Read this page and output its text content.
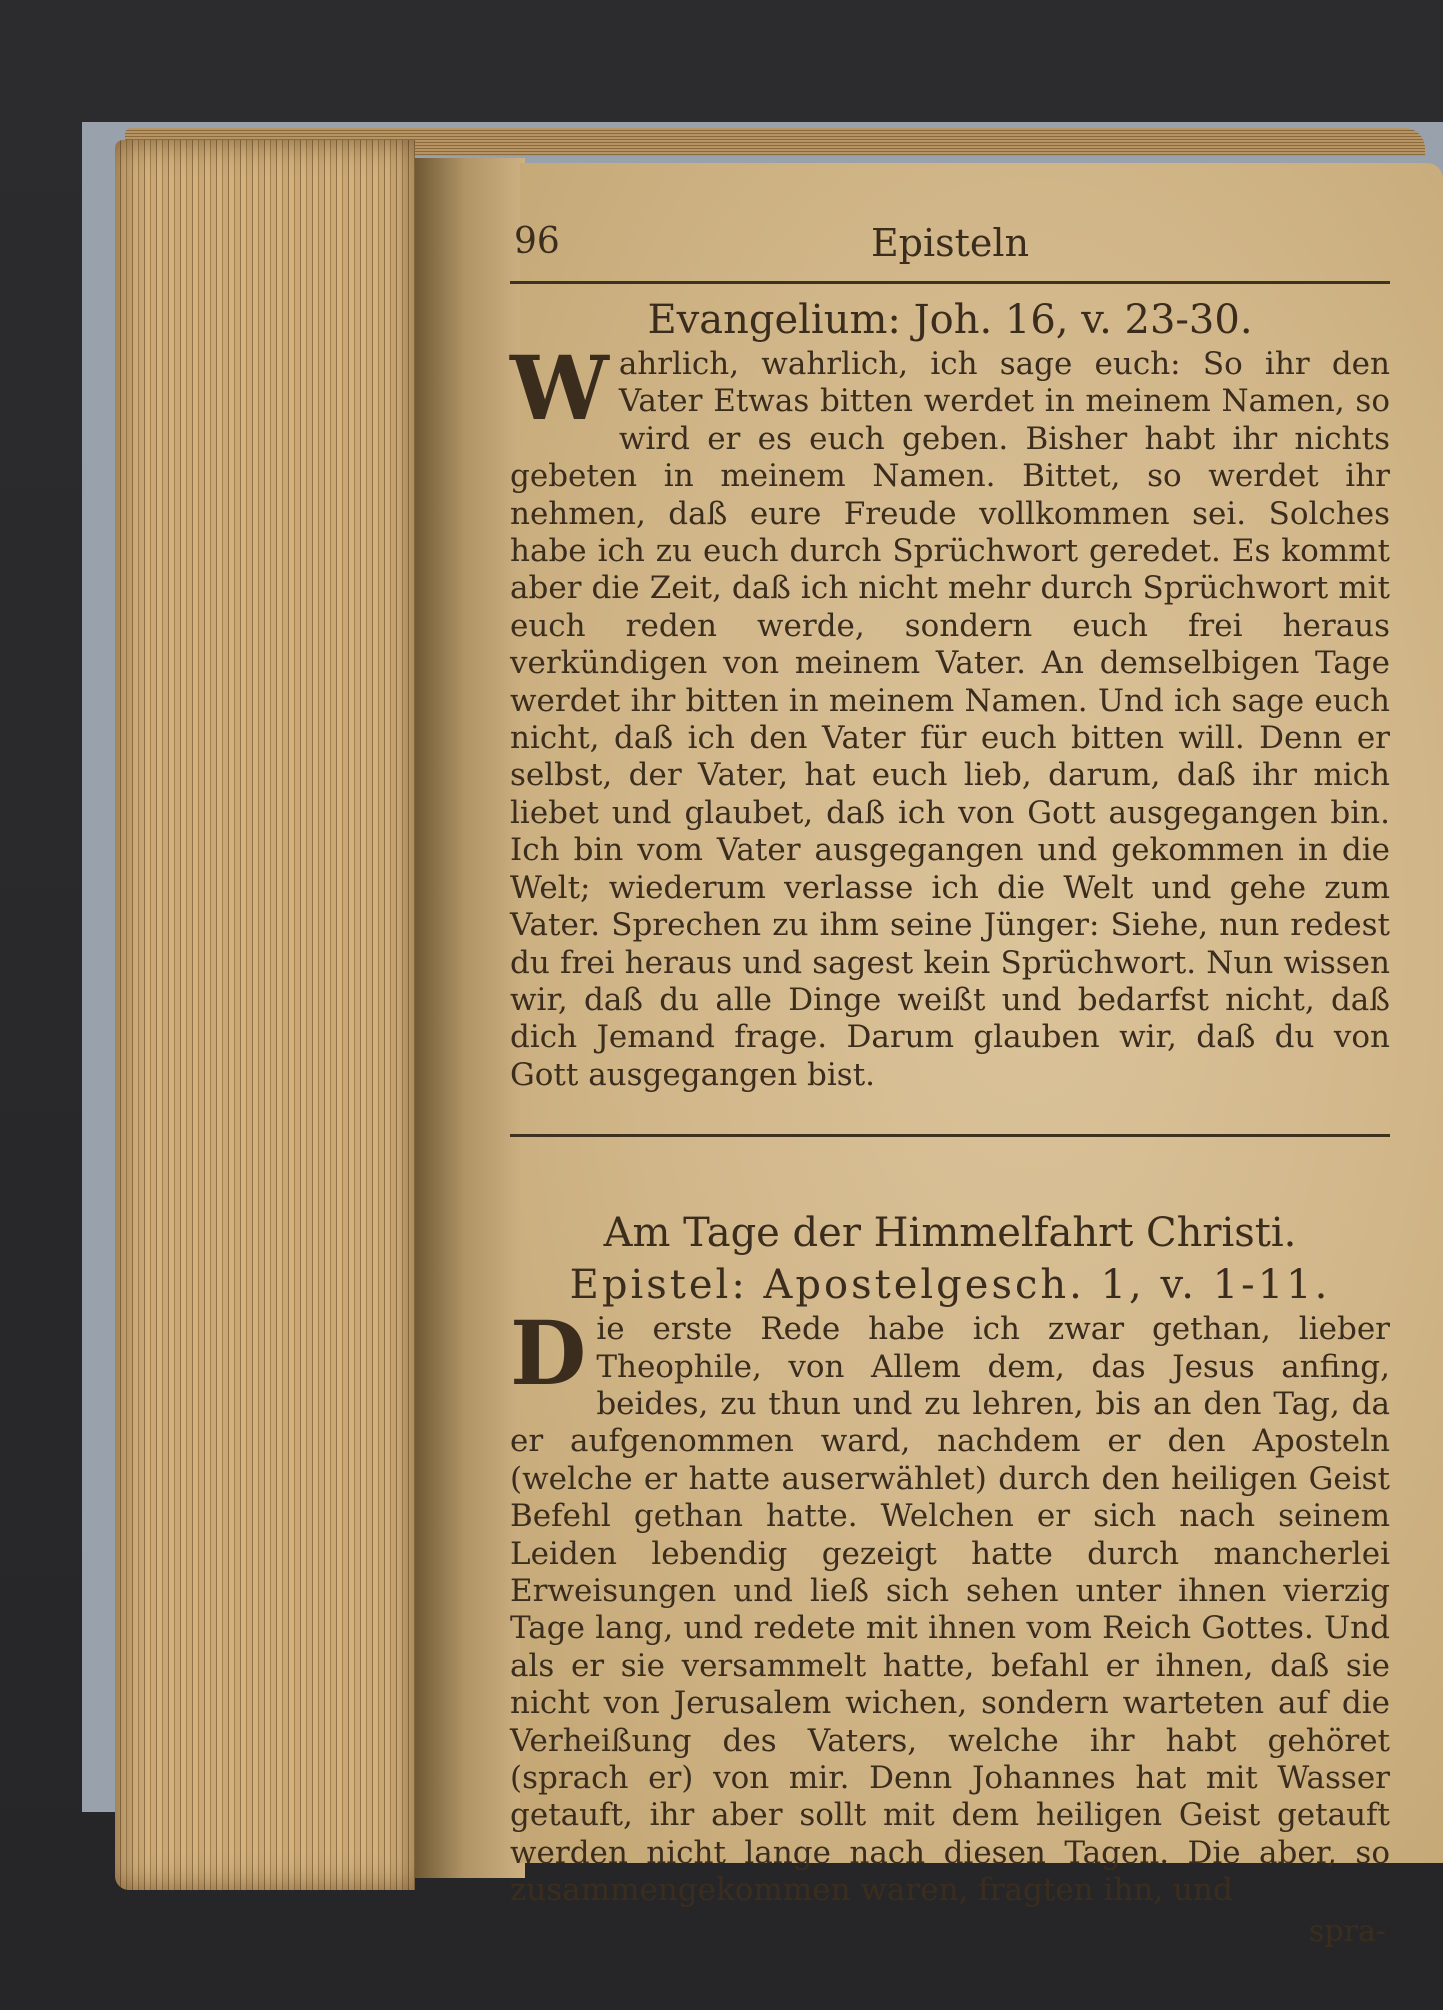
96	Episteln

Evangelium: Joh. 16, v. 23-30.

Wahrlich, wahrlich, ich sage euch: So ihr den Vater Etwas bitten werdet in meinem Namen, so wird er es euch geben. Bisher habt ihr nichts gebeten in meinem Namen. Bittet, so werdet ihr nehmen, daß eure Freude vollkommen sei. Solches habe ich zu euch durch Sprüchwort geredet. Es kommt aber die Zeit, daß ich nicht mehr durch Sprüchwort mit euch reden werde, sondern euch frei heraus verkündigen von meinem Vater. An demselbigen Tage werdet ihr bitten in meinem Namen. Und ich sage euch nicht, daß ich den Vater für euch bitten will. Denn er selbst, der Vater, hat euch lieb, darum, daß ihr mich liebet und glaubet, daß ich von Gott ausgegangen bin. Ich bin vom Vater ausgegangen und gekommen in die Welt; wiederum verlasse ich die Welt und gehe zum Vater. Sprechen zu ihm seine Jünger: Siehe, nun redest du frei heraus und sagest kein Sprüchwort. Nun wissen wir, daß du alle Dinge weißt und bedarfst nicht, daß dich Jemand frage. Darum glauben wir, daß du von Gott ausgegangen bist.

Am Tage der Himmelfahrt Christi.

Epistel: Apostelgesch. 1, v. 1-11.

Die erste Rede habe ich zwar gethan, lieber Theophile, von Allem dem, das Jesus anfing, beides, zu thun und zu lehren, bis an den Tag, da er aufgenommen ward, nachdem er den Aposteln (welche er hatte auserwählet) durch den heiligen Geist Befehl gethan hatte. Welchen er sich nach seinem Leiden lebendig gezeigt hatte durch mancherlei Erweisungen und ließ sich sehen unter ihnen vierzig Tage lang, und redete mit ihnen vom Reich Gottes. Und als er sie versammelt hatte, befahl er ihnen, daß sie nicht von Jerusalem wichen, sondern warteten auf die Verheißung des Vaters, welche ihr habt gehöret (sprach er) von mir. Denn Johannes hat mit Wasser getauft, ihr aber sollt mit dem heiligen Geist getauft werden nicht lange nach diesen Tagen. Die aber, so zusammengekommen waren, fragten ihn, und

spra-
